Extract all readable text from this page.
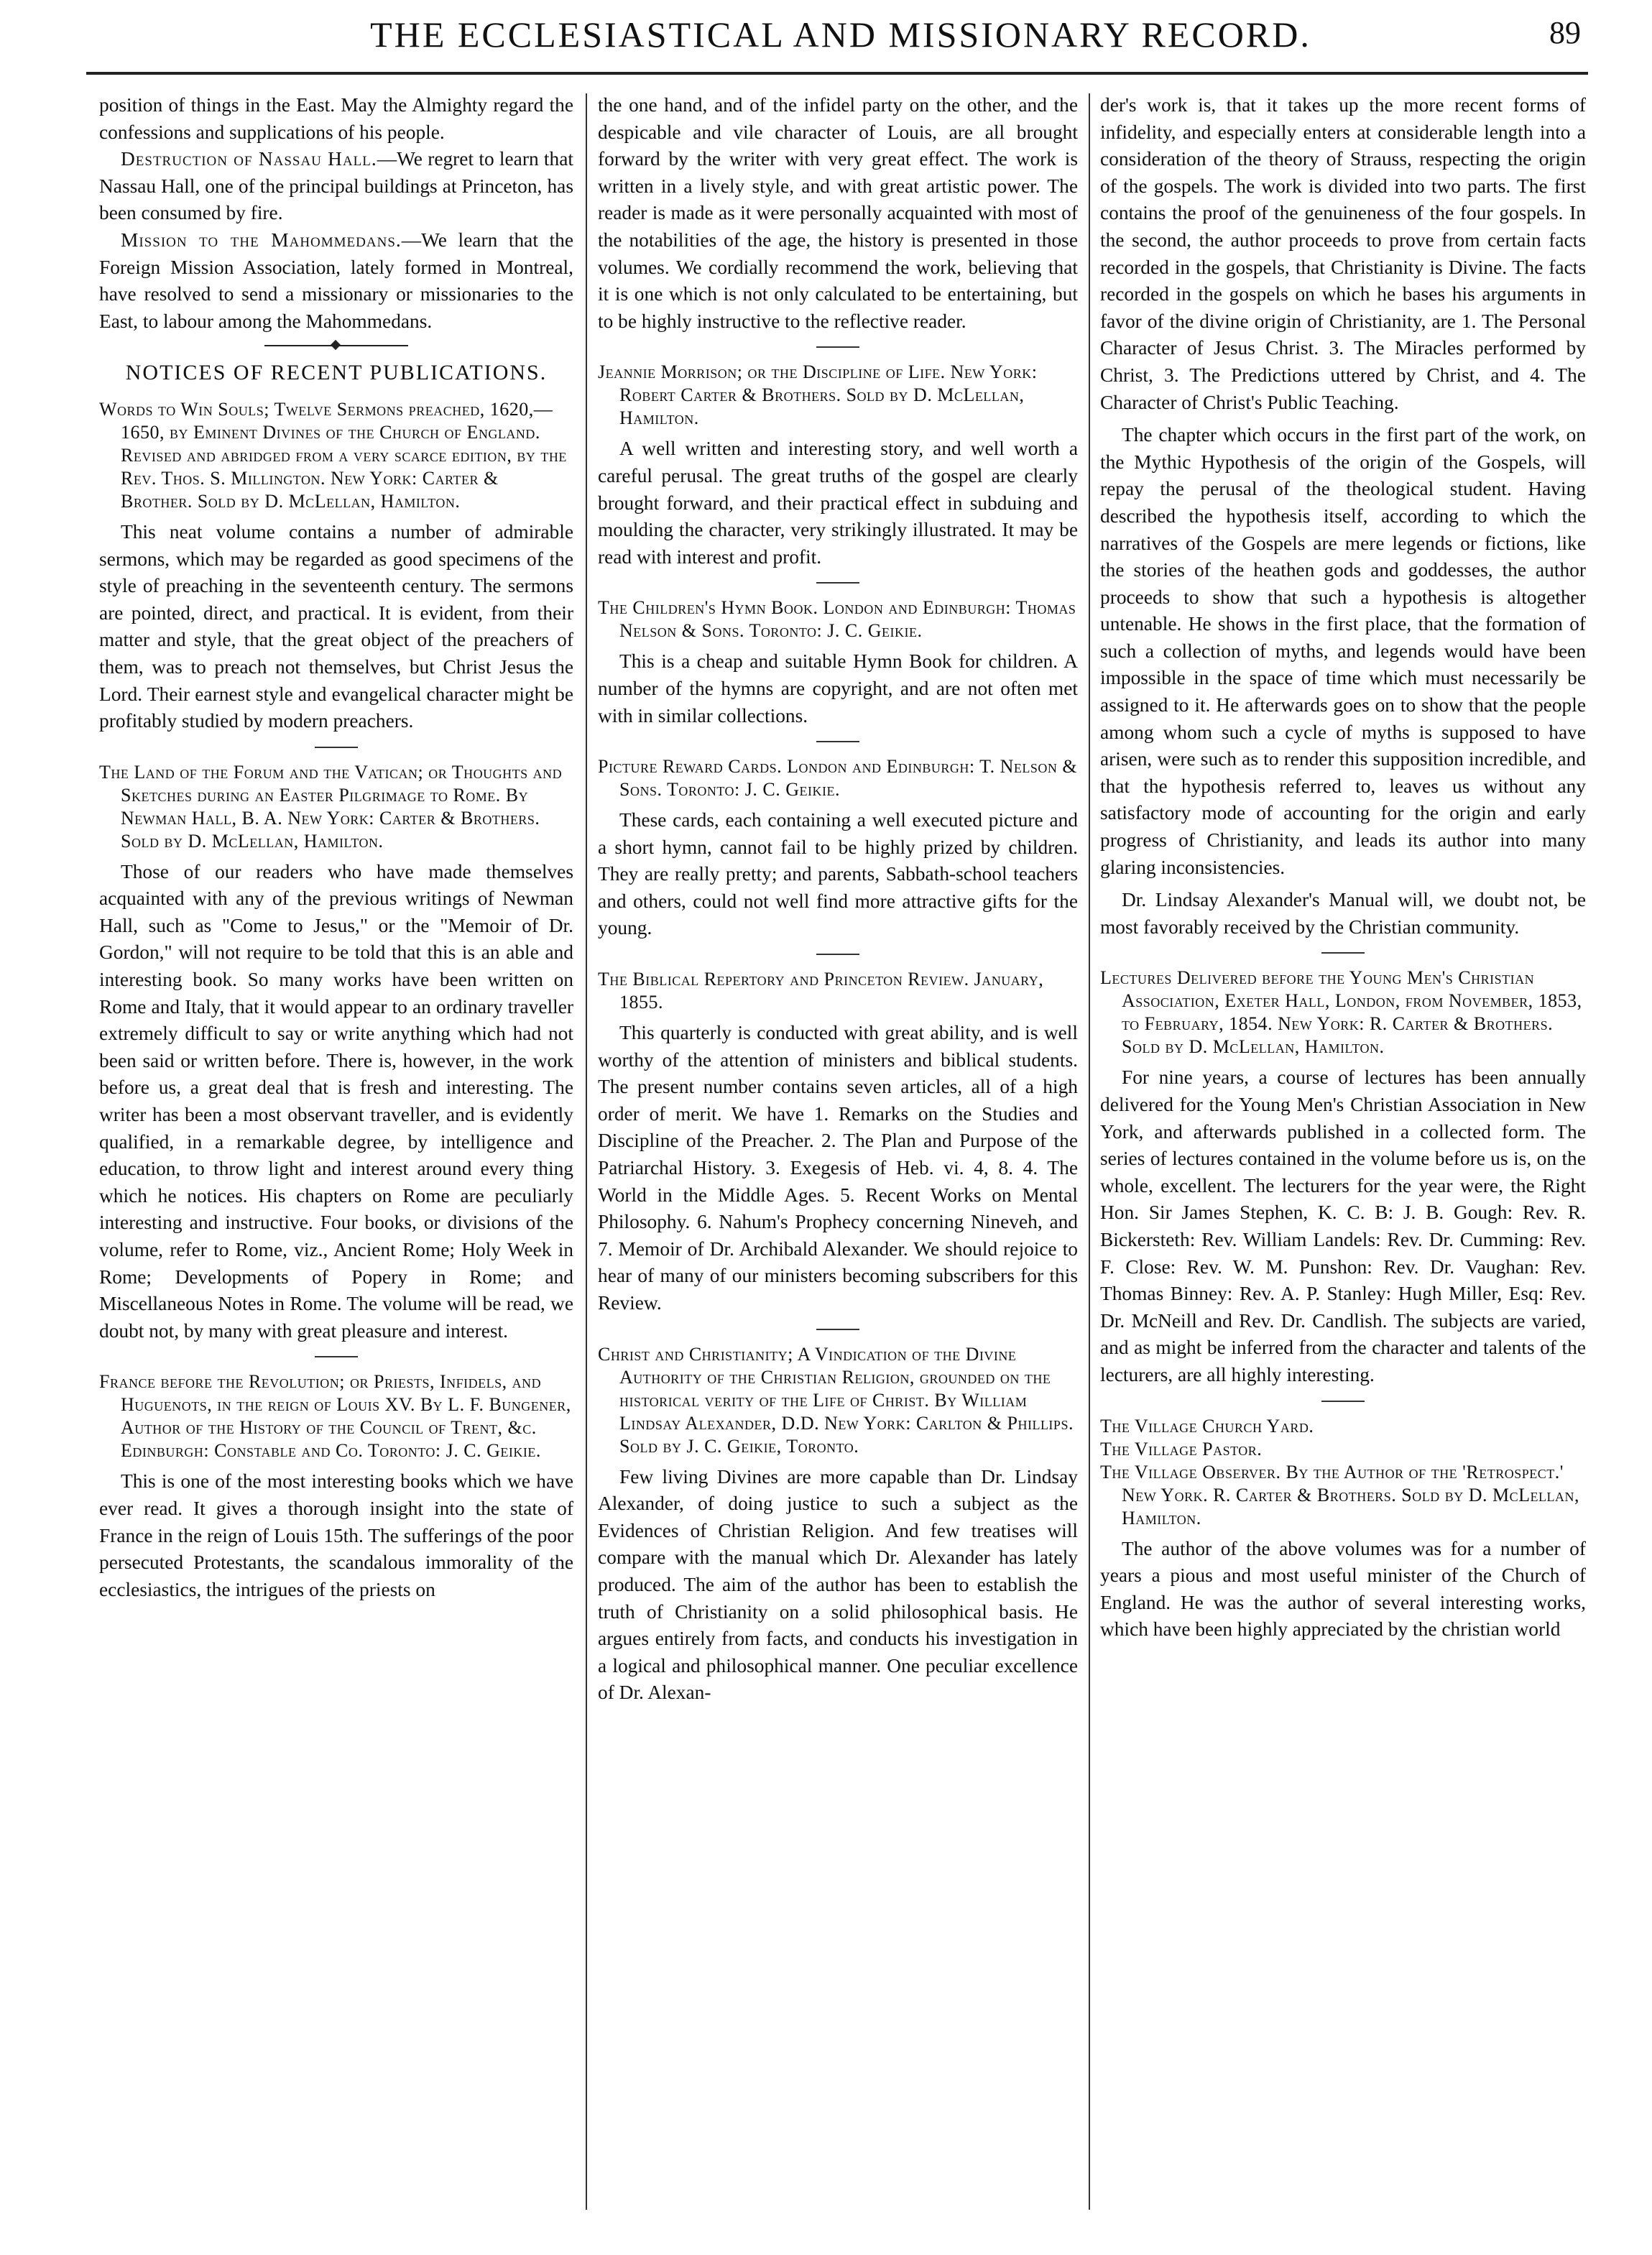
THE ECCLESIASTICAL AND MISSIONARY RECORD.	89

position of things in the East. May the Almighty regard the confessions and supplications of his people.

Destruction of Nassau Hall.—We regret to learn that Nassau Hall, one of the principal buildings at Princeton, has been consumed by fire.

Mission to the Mahommedans.—We learn that the Foreign Mission Association, lately formed in Montreal, have resolved to send a missionary or missionaries to the East, to labour among the Mahommedans.

NOTICES OF RECENT PUBLICATIONS.

Words to Win Souls; Twelve Sermons preached, 1620,—1650, by Eminent Divines of the Church of England. Revised and abridged from a very scarce edition, by the Rev. Thos. S. Millington. New York: Carter & Brother. Sold by D. McLellan, Hamilton.

This neat volume contains a number of admirable sermons, which may be regarded as good specimens of the style of preaching in the seventeenth century. The sermons are pointed, direct, and practical. It is evident, from their matter and style, that the great object of the preachers of them, was to preach not themselves, but Christ Jesus the Lord. Their earnest style and evangelical character might be profitably studied by modern preachers.

The Land of the Forum and the Vatican; or Thoughts and Sketches during an Easter Pilgrimage to Rome. By Newman Hall, B. A. New York: Carter & Brothers. Sold by D. McLellan, Hamilton.

Those of our readers who have made themselves acquainted with any of the previous writings of Newman Hall, such as "Come to Jesus," or the "Memoir of Dr. Gordon," will not require to be told that this is an able and interesting book. So many works have been written on Rome and Italy, that it would appear to an ordinary traveller extremely difficult to say or write anything which had not been said or written before. There is, however, in the work before us, a great deal that is fresh and interesting. The writer has been a most observant traveller, and is evidently qualified, in a remarkable degree, by intelligence and education, to throw light and interest around every thing which he notices. His chapters on Rome are peculiarly interesting and instructive. Four books, or divisions of the volume, refer to Rome, viz., Ancient Rome; Holy Week in Rome; Developments of Popery in Rome; and Miscellaneous Notes in Rome. The volume will be read, we doubt not, by many with great pleasure and interest.

France before the Revolution; or Priests, Infidels, and Huguenots, in the reign of Louis XV. By L. F. Bungener, Author of the History of the Council of Trent, &c. Edinburgh: Constable and Co. Toronto: J. C. Geikie.

This is one of the most interesting books which we have ever read. It gives a thorough insight into the state of France in the reign of Louis 15th. The sufferings of the poor persecuted Protestants, the scandalous immorality of the ecclesiastics, the intrigues of the priests on

the one hand, and of the infidel party on the other, and the despicable and vile character of Louis, are all brought forward by the writer with very great effect. The work is written in a lively style, and with great artistic power. The reader is made as it were personally acquainted with most of the notabilities of the age, the history is presented in those volumes. We cordially recommend the work, believing that it is one which is not only calculated to be entertaining, but to be highly instructive to the reflective reader.

Jeannie Morrison; or the Discipline of Life. New York: Robert Carter & Brothers. Sold by D. McLellan, Hamilton.

A well written and interesting story, and well worth a careful perusal. The great truths of the gospel are clearly brought forward, and their practical effect in subduing and moulding the character, very strikingly illustrated. It may be read with interest and profit.

The Children's Hymn Book. London and Edinburgh: Thomas Nelson & Sons. Toronto: J. C. Geikie.

This is a cheap and suitable Hymn Book for children. A number of the hymns are copyright, and are not often met with in similar collections.

Picture Reward Cards. London and Edinburgh: T. Nelson & Sons. Toronto: J. C. Geikie.

These cards, each containing a well executed picture and a short hymn, cannot fail to be highly prized by children. They are really pretty; and parents, Sabbath-school teachers and others, could not well find more attractive gifts for the young.

The Biblical Repertory and Princeton Review. January, 1855.

This quarterly is conducted with great ability, and is well worthy of the attention of ministers and biblical students. The present number contains seven articles, all of a high order of merit. We have 1. Remarks on the Studies and Discipline of the Preacher. 2. The Plan and Purpose of the Patriarchal History. 3. Exegesis of Heb. vi. 4, 8. 4. The World in the Middle Ages. 5. Recent Works on Mental Philosophy. 6. Nahum's Prophecy concerning Nineveh, and 7. Memoir of Dr. Archibald Alexander. We should rejoice to hear of many of our ministers becoming subscribers for this Review.

Christ and Christianity; A Vindication of the Divine Authority of the Christian Religion, grounded on the historical verity of the Life of Christ. By William Lindsay Alexander, D.D. New York: Carlton & Phillips. Sold by J. C. Geikie, Toronto.

Few living Divines are more capable than Dr. Lindsay Alexander, of doing justice to such a subject as the Evidences of Christian Religion. And few treatises will compare with the manual which Dr. Alexander has lately produced. The aim of the author has been to establish the truth of Christianity on a solid philosophical basis. He argues entirely from facts, and conducts his investigation in a logical and philosophical manner. One peculiar excellence of Dr. Alexan-

der's work is, that it takes up the more recent forms of infidelity, and especially enters at considerable length into a consideration of the theory of Strauss, respecting the origin of the gospels. The work is divided into two parts. The first contains the proof of the genuineness of the four gospels. In the second, the author proceeds to prove from certain facts recorded in the gospels, that Christianity is Divine. The facts recorded in the gospels on which he bases his arguments in favor of the divine origin of Christianity, are 1. The Personal Character of Jesus Christ. 3. The Miracles performed by Christ, 3. The Predictions uttered by Christ, and 4. The Character of Christ's Public Teaching.

The chapter which occurs in the first part of the work, on the Mythic Hypothesis of the origin of the Gospels, will repay the perusal of the theological student. Having described the hypothesis itself, according to which the narratives of the Gospels are mere legends or fictions, like the stories of the heathen gods and goddesses, the author proceeds to show that such a hypothesis is altogether untenable. He shows in the first place, that the formation of such a collection of myths, and legends would have been impossible in the space of time which must necessarily be assigned to it. He afterwards goes on to show that the people among whom such a cycle of myths is supposed to have arisen, were such as to render this supposition incredible, and that the hypothesis referred to, leaves us without any satisfactory mode of accounting for the origin and early progress of Christianity, and leads its author into many glaring inconsistencies.

Dr. Lindsay Alexander's Manual will, we doubt not, be most favorably received by the Christian community.

Lectures Delivered before the Young Men's Christian Association, Exeter Hall, London, from November, 1853, to February, 1854. New York: R. Carter & Brothers. Sold by D. McLellan, Hamilton.

For nine years, a course of lectures has been annually delivered for the Young Men's Christian Association in New York, and afterwards published in a collected form. The series of lectures contained in the volume before us is, on the whole, excellent. The lecturers for the year were, the Right Hon. Sir James Stephen, K. C. B: J. B. Gough: Rev. R. Bickersteth: Rev. William Landels: Rev. Dr. Cumming: Rev. F. Close: Rev. W. M. Punshon: Rev. Dr. Vaughan: Rev. Thomas Binney: Rev. A. P. Stanley: Hugh Miller, Esq: Rev. Dr. McNeill and Rev. Dr. Candlish. The subjects are varied, and as might be inferred from the character and talents of the lecturers, are all highly interesting.

The Village Church Yard.

The Village Pastor.

The Village Observer. By the Author of the 'Retrospect.' New York. R. Carter & Brothers. Sold by D. McLellan, Hamilton.

The author of the above volumes was for a number of years a pious and most useful minister of the Church of England. He was the author of several interesting works, which have been highly appreciated by the christian world
